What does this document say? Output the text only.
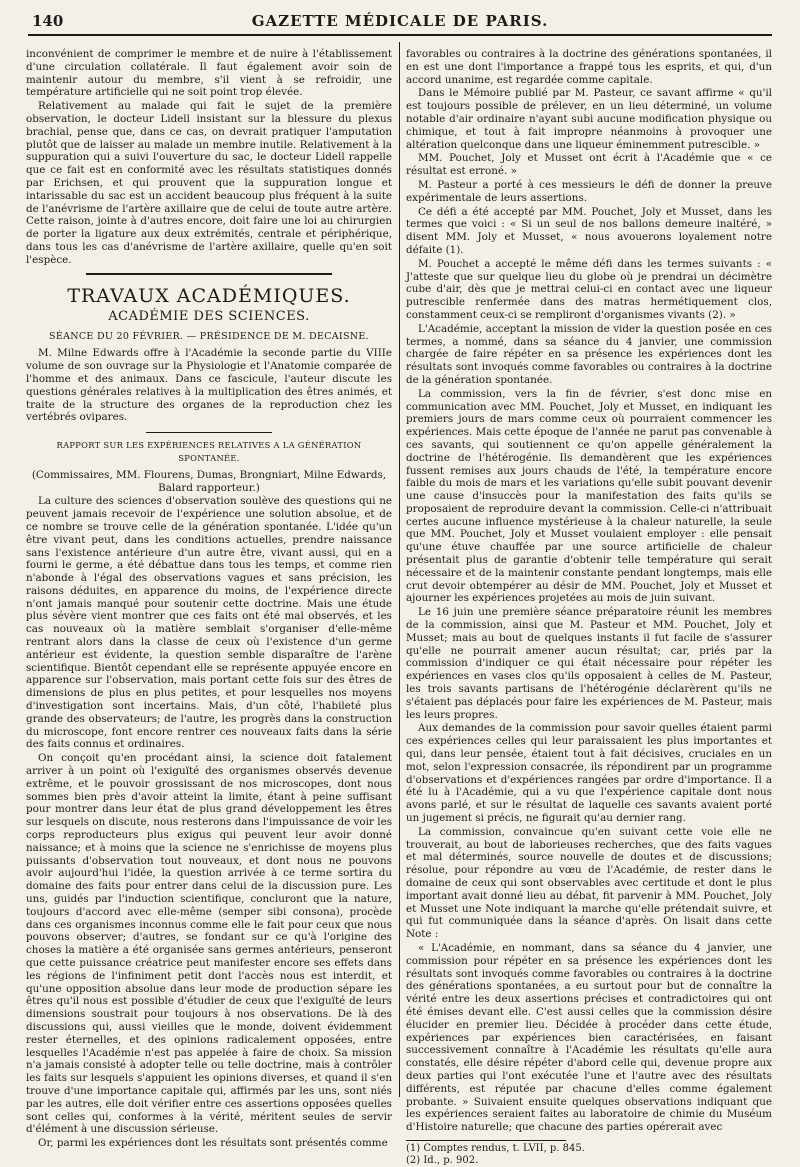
140	GAZETTE MÉDICALE DE PARIS.

inconvénient de comprimer le membre et de nuire à l'établissement d'une circulation collatérale. Il faut également avoir soin de maintenir autour du membre, s'il vient à se refroidir, une température artificielle qui ne soit point trop élevée.

Relativement au malade qui fait le sujet de la première observation, le docteur Lidell insistant sur la blessure du plexus brachial, pense que, dans ce cas, on devrait pratiquer l'amputation plutôt que de laisser au malade un membre inutile. Relativement à la suppuration qui a suivi l'ouverture du sac, le docteur Lidell rappelle que ce fait est en conformité avec les résultats statistiques donnés par Erichsen, et qui prouvent que la suppuration longue et intarissable du sac est un accident beaucoup plus fréquent à la suite de l'anévrisme de l'artère axillaire que de celui de toute autre artère. Cette raison, jointe à d'autres encore, doit faire une loi au chirurgien de porter la ligature aux deux extrémités, centrale et périphérique, dans tous les cas d'anévrisme de l'artère axillaire, quelle qu'en soit l'espèce.

TRAVAUX ACADÉMIQUES.
ACADÉMIE DES SCIENCES.
SÉANCE DU 20 FÉVRIER. — PRÉSIDENCE DE M. DECAISNE.

M. Milne Edwards offre à l'Académie la seconde partie du VIIIe volume de son ouvrage sur la Physiologie et l'Anatomie comparée de l'homme et des animaux. Dans ce fascicule, l'auteur discute les questions générales relatives à la multiplication des êtres animés, et traite de la structure des organes de la reproduction chez les vertébrés ovipares.

RAPPORT SUR LES EXPÉRIENCES RELATIVES A LA GÉNÉRATION SPONTANÉE.

(Commissaires, MM. Flourens, Dumas, Brongniart, Milne Edwards, Balard rapporteur.)

La culture des sciences d'observation soulève des questions qui ne peuvent jamais recevoir de l'expérience une solution absolue, et de ce nombre se trouve celle de la génération spontanée. L'idée qu'un être vivant peut, dans les conditions actuelles, prendre naissance sans l'existence antérieure d'un autre être, vivant aussi, qui en a fourni le germe, a été débattue dans tous les temps, et comme rien n'abonde à l'égal des observations vagues et sans précision, les raisons déduites, en apparence du moins, de l'expérience directe n'ont jamais manqué pour soutenir cette doctrine. Mais une étude plus sévère vient montrer que ces faits ont été mal observés, et les cas nouveaux où la matière semblait s'organiser d'elle-même rentrant alors dans la classe de ceux où l'existence d'un germe antérieur est évidente, la question semble disparaître de l'arène scientifique. Bientôt cependant elle se représente appuyée encore en apparence sur l'observation, mais portant cette fois sur des êtres de dimensions de plus en plus petites, et pour lesquelles nos moyens d'investigation sont incertains. Mais, d'un côté, l'habileté plus grande des observateurs; de l'autre, les progrès dans la construction du microscope, font encore rentrer ces nouveaux faits dans la série des faits connus et ordinaires.

On conçoit qu'en procédant ainsi, la science doit fatalement arriver à un point où l'exiguïté des organismes observés devenue extrême, et le pouvoir grossissant de nos microscopes, dont nous sommes bien près d'avoir atteint la limite, étant à peine suffisant pour montrer dans leur état de plus grand développement les êtres sur lesquels on discute, nous resterons dans l'impuissance de voir les corps reproducteurs plus exigus qui peuvent leur avoir donné naissance; et à moins que la science ne s'enrichisse de moyens plus puissants d'observation tout nouveaux, et dont nous ne pouvons avoir aujourd'hui l'idée, la question arrivée à ce terme sortira du domaine des faits pour entrer dans celui de la discussion pure. Les uns, guidés par l'induction scientifique, concluront que la nature, toujours d'accord avec elle-même (semper sibi consona), procède dans ces organismes inconnus comme elle le fait pour ceux que nous pouvons observer; d'autres, se fondant sur ce qu'à l'origine des choses la matière a été organisée sans germes antérieurs, penseront que cette puissance créatrice peut manifester encore ses effets dans les régions de l'infiniment petit dont l'accès nous est interdit, et qu'une opposition absolue dans leur mode de production sépare les êtres qu'il nous est possible d'étudier de ceux que l'exiguïté de leurs dimensions soustrait pour toujours à nos observations. De là des discussions qui, aussi vieilles que le monde, doivent évidemment rester éternelles, et des opinions radicalement opposées, entre lesquelles l'Académie n'est pas appelée à faire de choix. Sa mission n'a jamais consisté à adopter telle ou telle doctrine, mais à contrôler les faits sur lesquels s'appuient les opinions diverses, et quand il s'en trouve d'une importance capitale qui, affirmés par les uns, sont niés par les autres, elle doit vérifier entre ces assertions opposées quelles sont celles qui, conformes à la vérité, méritent seules de servir d'élément à une discussion sérieuse.

Or, parmi les expériences dont les résultats sont présentés comme

favorables ou contraires à la doctrine des générations spontanées, il en est une dont l'importance a frappé tous les esprits, et qui, d'un accord unanime, est regardée comme capitale.

Dans le Mémoire publié par M. Pasteur, ce savant affirme « qu'il est toujours possible de prélever, en un lieu déterminé, un volume notable d'air ordinaire n'ayant subi aucune modification physique ou chimique, et tout à fait impropre néanmoins à provoquer une altération quelconque dans une liqueur éminemment putrescible. »

MM. Pouchet, Joly et Musset ont écrit à l'Académie que « ce résultat est erroné. »

M. Pasteur a porté à ces messieurs le défi de donner la preuve expérimentale de leurs assertions.

Ce défi a été accepté par MM. Pouchet, Joly et Musset, dans les termes que voici : « Si un seul de nos ballons demeure inaltéré, » disent MM. Joly et Musset, « nous avouerons loyalement notre défaite (1).

M. Pouchet a accepté le même défi dans les termes suivants : « J'atteste que sur quelque lieu du globe où je prendrai un décimètre cube d'air, dès que je mettrai celui-ci en contact avec une liqueur putrescible renfermée dans des matras hermétiquement clos, constamment ceux-ci se rempliront d'organismes vivants (2). »

L'Académie, acceptant la mission de vider la question posée en ces termes, a nommé, dans sa séance du 4 janvier, une commission chargée de faire répéter en sa présence les expériences dont les résultats sont invoqués comme favorables ou contraires à la doctrine de la génération spontanée.

La commission, vers la fin de février, s'est donc mise en communication avec MM. Pouchet, Joly et Musset, en indiquant les premiers jours de mars comme ceux où pourraient commencer les expériences. Mais cette époque de l'année ne parut pas convenable à ces savants, qui soutiennent ce qu'on appelle généralement la doctrine de l'hétérogénie. Ils demandèrent que les expériences fussent remises aux jours chauds de l'été, la température encore faible du mois de mars et les variations qu'elle subit pouvant devenir une cause d'insuccès pour la manifestation des faits qu'ils se proposaient de reproduire devant la commission. Celle-ci n'attribuait certes aucune influence mystérieuse à la chaleur naturelle, la seule que MM. Pouchet, Joly et Musset voulaient employer : elle pensait qu'une étuve chauffée par une source artificielle de chaleur présentait plus de garantie d'obtenir telle température qui serait nécessaire et de la maintenir constante pendant longtemps, mais elle crut devoir obtempérer au désir de MM. Pouchet, Joly et Musset et ajourner les expériences projetées au mois de juin suivant.

Le 16 juin une première séance préparatoire réunit les membres de la commission, ainsi que M. Pasteur et MM. Pouchet, Joly et Musset; mais au bout de quelques instants il fut facile de s'assurer qu'elle ne pourrait amener aucun résultat; car, priés par la commission d'indiquer ce qui était nécessaire pour répéter les expériences en vases clos qu'ils opposaient à celles de M. Pasteur, les trois savants partisans de l'hétérogénie déclarèrent qu'ils ne s'étaient pas déplacés pour faire les expériences de M. Pasteur, mais les leurs propres.

Aux demandes de la commission pour savoir quelles étaient parmi ces expériences celles qui leur paraissaient les plus importantes et qui, dans leur pensée, étaient tout à fait décisives, cruciales en un mot, selon l'expression consacrée, ils répondirent par un programme d'observations et d'expériences rangées par ordre d'importance. Il a été lu à l'Académie, qui a vu que l'expérience capitale dont nous avons parlé, et sur le résultat de laquelle ces savants avaient porté un jugement si précis, ne figurait qu'au dernier rang.

La commission, convaincue qu'en suivant cette voie elle ne trouverait, au bout de laborieuses recherches, que des faits vagues et mal déterminés, source nouvelle de doutes et de discussions; résolue, pour répondre au vœu de l'Académie, de rester dans le domaine de ceux qui sont observables avec certitude et dont le plus important avait donné lieu au débat, fit parvenir à MM. Pouchet, Joly et Musset une Note indiquant la marche qu'elle prétendait suivre, et qui fut communiquée dans la séance d'après. On lisait dans cette Note :

« L'Académie, en nommant, dans sa séance du 4 janvier, une commission pour répéter en sa présence les expériences dont les résultats sont invoqués comme favorables ou contraires à la doctrine des générations spontanées, a eu surtout pour but de connaître la vérité entre les deux assertions précises et contradictoires qui ont été émises devant elle. C'est aussi celles que la commission désire élucider en premier lieu. Décidée à procéder dans cette étude, expériences par expériences bien caractérisées, en faisant successivement connaître à l'Académie les résultats qu'elle aura constatés, elle désire répéter d'abord celle qui, devenue propre aux deux parties qui l'ont exécutée l'une et l'autre avec des résultats différents, est réputée par chacune d'elles comme également probante. » Suivaient ensuite quelques observations indiquant que les expériences seraient faites au laboratoire de chimie du Muséum d'Histoire naturelle; que chacune des parties opérerait avec

(1) Comptes rendus, t. LVII, p. 845.
(2) Id., p. 902.
